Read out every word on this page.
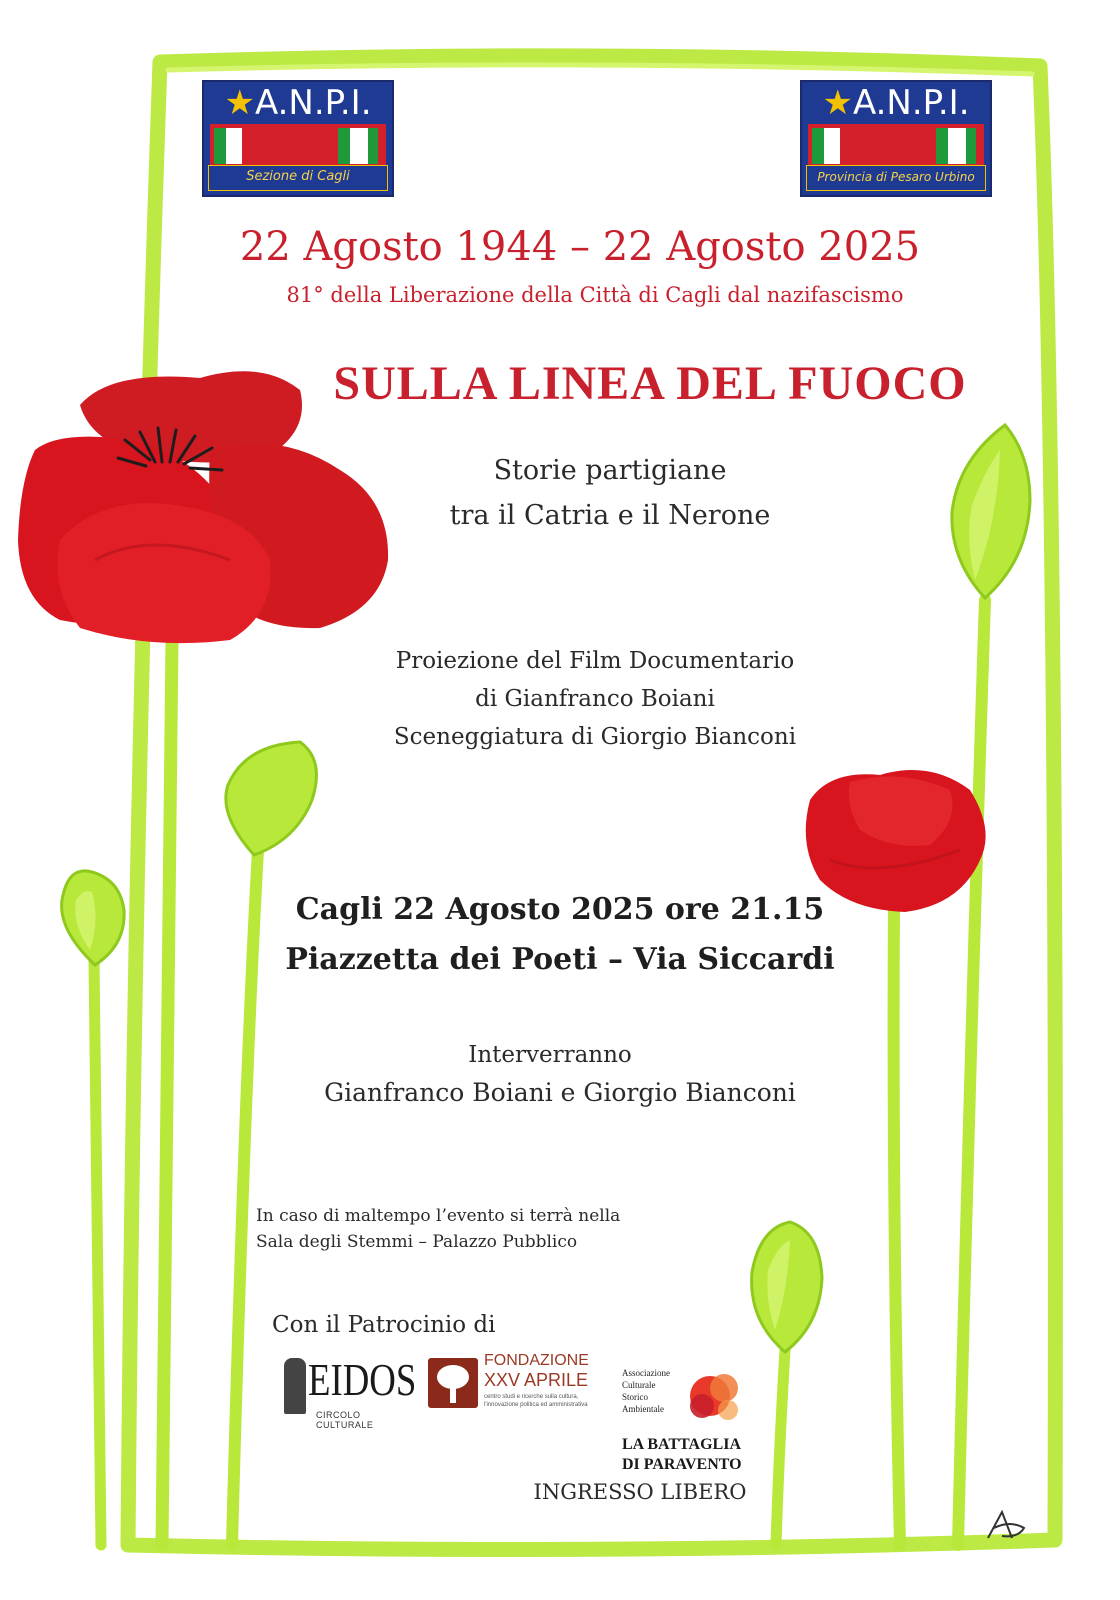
★A.N.P.I.
Sezione di Cagli
★A.N.P.I.
Provincia di Pesaro Urbino

22 Agosto 1944 – 22 Agosto 2025

81° della Liberazione della Città di Cagli dal nazifascismo

SULLA LINEA DEL FUOCO

Storie partigiane

tra il Catria e il Nerone

Proiezione del Film Documentario

di Gianfranco Boiani

Sceneggiatura di Giorgio Bianconi

Cagli 22 Agosto 2025 ore 21.15

Piazzetta dei Poeti – Via Siccardi

Interverranno

Gianfranco Boiani e Giorgio Bianconi

In caso di maltempo l’evento si terrà nella

Sala degli Stemmi – Palazzo Pubblico

Con il Patrocinio di

EIDOS
CIRCOLO CULTURALE
FONDAZIONE
XXV APRILE
centro studi e ricerche sulla cultura,
l'innovazione politica ed amministrativa
Associazione
Culturale
Storico
Ambientale
LA BATTAGLIA
DI PARAVENTO

INGRESSO LIBERO
